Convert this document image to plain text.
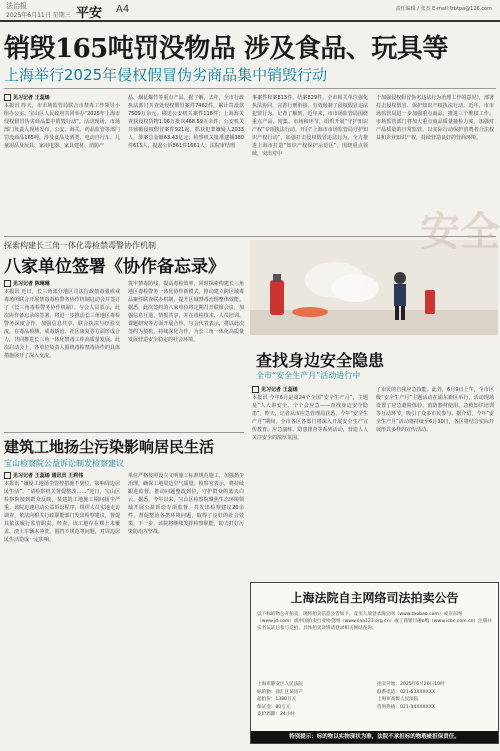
法治报
2025年6月11日 星期三 平安 A4	责任编辑 / 张杰 E-mail:fzbtpa@126.com
销毁165吨罚没物品 涉及食品、玩具等
上海举行2025年侵权假冒伪劣商品集中销毁行动
见习记者 王蕊烯
本报讯 昨天，市市场监管局联合市禁毒工作领导小组办公室、宝山区人民政府共同举办“2025年上海市侵权假冒伪劣商品集中销毁行动”。活动现场，市场部门负责人现场发布，公安、海关、药品监管等部门罚没商品165吨，涉及食品及酒类、电动自行车、儿童用品及玩具、家用电器、家具建材、消防产
品、烟花爆竹等重点产品。据了解，去年，全市行政执法部门共查处侵权假冒案件7462件，累计罚没款7509万余元，移送公安机关案件118件；上海海关查获侵权货物1.06万批次468.59万余件；公安机关共侦破侵权假冒案件921起，抓获犯罪嫌疑人2033人，涉案总金额63.43亿元；检察机关批准逮捕380件615人，提起公诉861件1661人；法院审结刑
事案件和案813件，结案829件。全市相关单位强化执法协同，完善行刑衔接，有效遏制了侵权假冒违法犯罪行为。记者了解到，近年来，市市场监管局围绕重点产品，密集、市场和环节，组织开展“守护知识产权”专项执法行动。开启“上海市市场监管局守护知识产权行动”，加强打击侵权假冒违法行为，全力推进上海市打造“知识产权保护示范区”，围绕重点领域，突出对中
于加强侵权假冒伪劣违法行为治理工作的意见》，部署打击侵权假冒、保护知识产权执法行动。近年，市市场监管局进一步加强重点商品，推进三个维权工作。市场监管部门将加大重点商品质量抽检力度，加强对产品质量的日常监管，以实际行动保护消费者合法权益和企业知识产权，持续营造良好的营商环境。
探索构建长三角一体化毒检禁毒警协作机制
八家单位签署《协作备忘录》
见习记者 陈琳琳
本报讯 近日，长三角部分地区司法行政禁毒强戒戒毒场所联合开展禁毒毒检警务协作机制启动会并签订了《长三角毒检警务协作机制》。与会人员表示，此次协作备忘录的签署，将进一步推动长三角地区毒检警务深度合作，加强信息共享、联合执法与经验交流，在毒品检测、戒毒矫治、社区康复等方面形成合力，共同推进长三角一体化禁毒工作高质量发展。此次启动会上，各单位负责人围绕毒检禁毒协作的具体措施展开了深入交流。
筑牢禁毒防线，提高毒检效率，同时探索构建长三角地区毒检警务一体化协作新模式，推动建立跨区域毒品案件联查联办机制，提升区域禁毒治理整体效能。据悉，此次签约的八家单位将定期召开联席会议，加强信息互通、情报共享，并在毒检技术、人员培训、课题研究等方面开展合作。与会代表表示，将以此次签约为契机，持续深化合作，为长三角一体化高质量发展营造安全稳定的社会环境。
安全
查找身边安全隐患
全市“安全生产月”活动进行中
见习记者 王蕊烯
本报讯 今年6月是第24个全国“安全生产月”，主题是“人人讲安全、个个会应急——查找身边安全隐患”。昨天，记者从市应急管理局获悉，今年“安全生产月”期间，全市各区各部门将深入开展安全生产宣传教育、应急演练、隐患排查等系列活动，营造人人关注安全的浓厚氛围。
了市民的自我应急技能。此外，6月9日上午，全市区级“安全生产月”主题活动在浦东新区举行，活动现场设置了应急避险体验、消防器材使用、急救知识培训等互动环节，吸引了众多市民参与。据介绍，今年“安全生产月”活动将持续至6月30日，各区将结合实际开展形式多样的宣传活动。
建筑工地扬尘污染影响居民生活
宝山检察院公益诉讼制发检察建议
见习记者 王蕊烯 通讯员 王莉伟
本报讯 “嫌疑工地扬尘管控措施不到位，影响周边居民生活”，“请检察机关督促整改……”近日，宝山区检察院接到群众反映，某建筑工地施工期间扬尘严重。该院迅速启动公益诉讼程序，组织人员实地走访调查，依法向相关行政职能部门发出检察建议，督促其依法履行监管职责。经查，该工地存在裸土未覆盖、渣土车辆未冲洗、围挡不规范等问题，对周边居民生活造成一定影响。
单位严格按照设立文明施工标准规范施工，加强扬尘治理，确保工地周边空气质量。检察官表示，将持续跟进监督，推动问题整改到位，守护群众的蓝天白云。据悉，今年以来，宝山区检察院聚焦生态环境领域开展公益诉讼专项监督，共发出检察建议20余件，督促整治各类环境问题，取得了良好的社会效果。下一步，该院将继续发挥检察职能，助力打好污染防治攻坚战。
上海法院自主网络司法拍卖公告
以下标的物公开拍卖，现将拍卖信息公告如下。竞买人须登录淘宝网（www.taobao.com）或京东网（www.jd.com）或中国拍卖行业协会网（www.caa123.org.cn）或工商银行融e购（www.icbc.com.cn）注册并实名认证后参与竞拍，具体拍卖详情请登录相关网站查询。
上海市静安区人民法院
标的物：徐汇区某房产
起拍价：1380万元
保证金：80万元
竞价周期：24小时
拍卖开始：2025年6月20日10时
联系电话：021-63XXXXXX
上海市高级人民法院
咨询热线：021-34XXXXXX
特别提示：标的物以实物现状为准，法院不承担标的物瑕疵担保责任。
